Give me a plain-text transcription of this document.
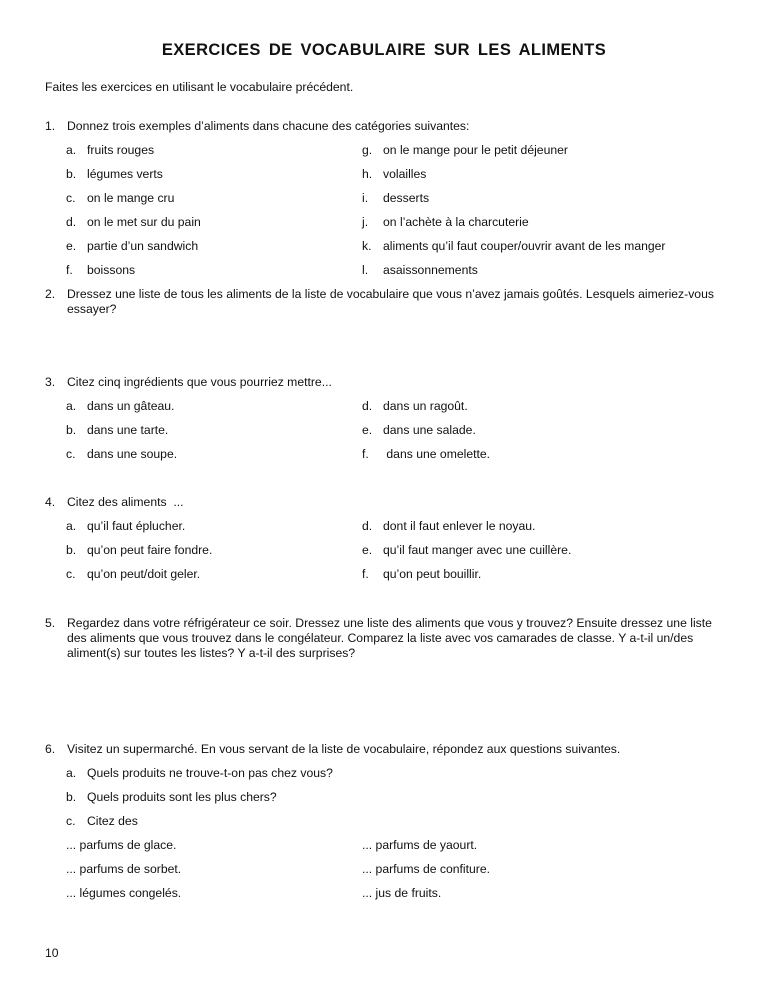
EXERCICES DE VOCABULAIRE SUR LES ALIMENTS
Faites les exercices en utilisant le vocabulaire précédent.
1. Donnez trois exemples d’aliments dans chacune des catégories suivantes:
a. fruits rouges
b. légumes verts
c. on le mange cru
d. on le met sur du pain
e. partie d’un sandwich
f. boissons
g. on le mange pour le petit déjeuner
h. volailles
i. desserts
j. on l’achète à la charcuterie
k. aliments qu’il faut couper/ouvrir avant de les manger
l. asaissonnements
2. Dressez une liste de tous les aliments de la liste de vocabulaire que vous n’avez jamais goûtés. Lesquels aimeriez-vous essayer?
3. Citez cinq ingrédients que vous pourriez mettre...
a. dans un gâteau.
b. dans une tarte.
c. dans une soupe.
d. dans un ragoût.
e. dans une salade.
f. dans une omelette.
4. Citez des aliments  ...
a. qu’il faut éplucher.
b. qu’on peut faire fondre.
c. qu’on peut/doit geler.
d. dont il faut enlever le noyau.
e. qu’il faut manger avec une cuillère.
f. qu’on peut bouillir.
5. Regardez dans votre réfrigérateur ce soir. Dressez une liste des aliments que vous y trouvez? Ensuite dressez une liste des aliments que vous trouvez dans le congélateur. Comparez la liste avec vos camarades de classe. Y a-t-il un/des aliment(s) sur toutes les listes? Y a-t-il des surprises?
6. Visitez un supermarché. En vous servant de la liste de vocabulaire, répondez aux questions suivantes.
a. Quels produits ne trouve-t-on pas chez vous?
b. Quels produits sont les plus chers?
c. Citez des
... parfums de glace.
... parfums de sorbet.
... légumes congelés.
... parfums de yaourt.
... parfums de confiture.
... jus de fruits.
10
